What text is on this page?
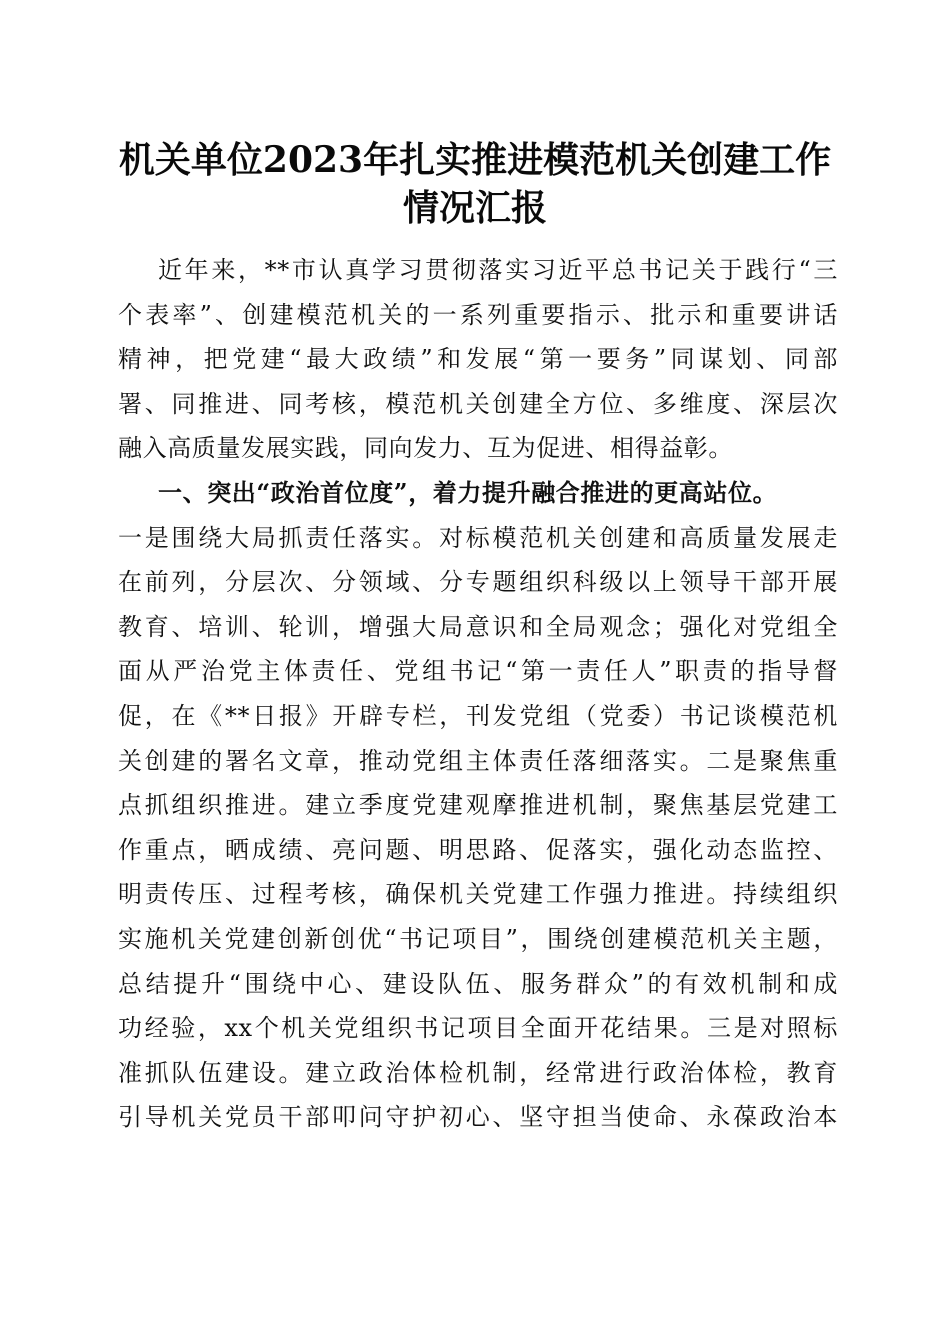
机关单位2023年扎实推进模范机关创建工作
情况汇报
近年来，**市认真学习贯彻落实习近平总书记关于践行“三
个表率”、创建模范机关的一系列重要指示、批示和重要讲话
精神，把党建“最大政绩”和发展“第一要务”同谋划、同部
署、同推进、同考核，模范机关创建全方位、多维度、深层次
融入高质量发展实践，同向发力、互为促进、相得益彰。
一、突出“政治首位度”，着力提升融合推进的更高站位。
一是围绕大局抓责任落实。对标模范机关创建和高质量发展走
在前列，分层次、分领域、分专题组织科级以上领导干部开展
教育、培训、轮训，增强大局意识和全局观念；强化对党组全
面从严治党主体责任、党组书记“第一责任人”职责的指导督
促，在《**日报》开辟专栏，刊发党组（党委）书记谈模范机
关创建的署名文章，推动党组主体责任落细落实。二是聚焦重
点抓组织推进。建立季度党建观摩推进机制，聚焦基层党建工
作重点，晒成绩、亮问题、明思路、促落实，强化动态监控、
明责传压、过程考核，确保机关党建工作强力推进。持续组织
实施机关党建创新创优“书记项目”，围绕创建模范机关主题，
总结提升“围绕中心、建设队伍、服务群众”的有效机制和成
功经验，xx个机关党组织书记项目全面开花结果。三是对照标
准抓队伍建设。建立政治体检机制，经常进行政治体检，教育
引导机关党员干部叩问守护初心、坚守担当使命、永葆政治本
